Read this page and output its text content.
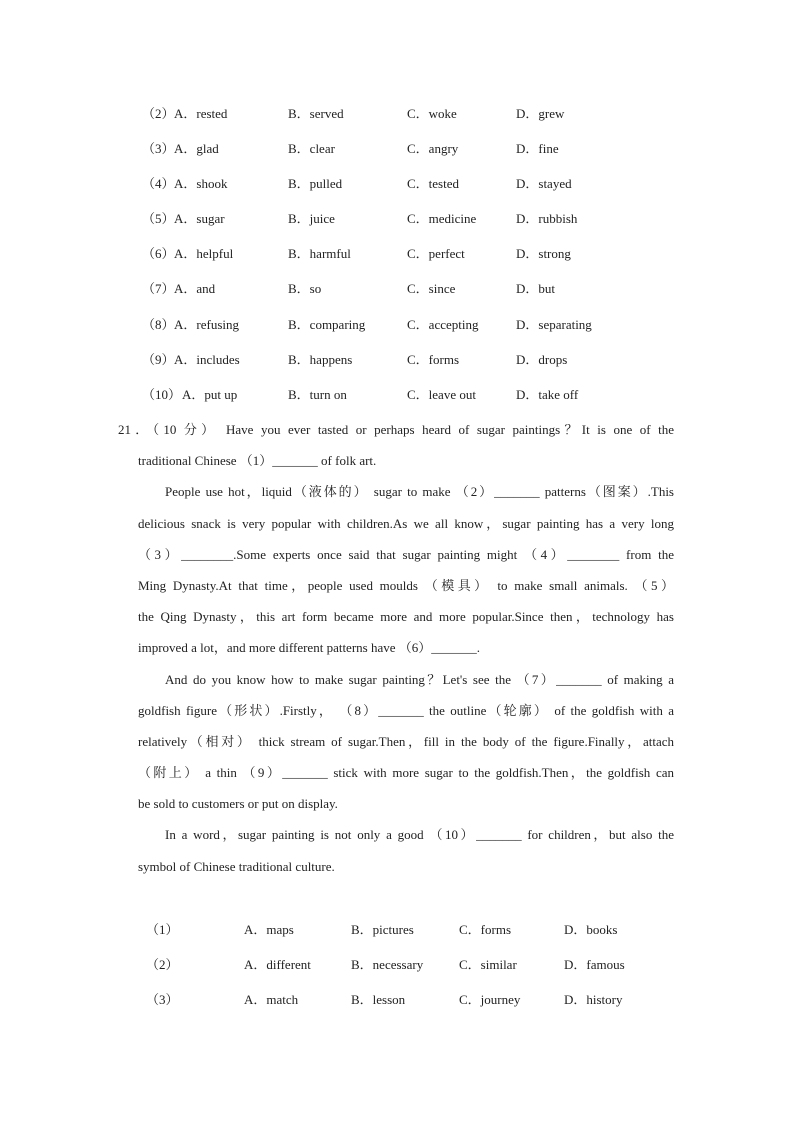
（2） A．rested	B．served	C．woke	D．grew
（3） A．glad	B．clear	C．angry	D．fine
（4） A．shook	B．pulled	C．tested	D．stayed
（5） A．sugar	B．juice	C．medicine	D．rubbish
（6） A．helpful	B．harmful	C．perfect	D．strong
（7） A．and	B．so	C．since	D．but
（8） A．refusing	B．comparing	C．accepting	D．separating
（9） A．includes	B．happens	C．forms	D．drops
（10） A．put up	B．turn on	C．leave out	D．take off
21．（10 分） Have you ever tasted or perhaps heard of sugar paintings？It is one of the
traditional Chinese （1）_______ of folk art.
People use hot，liquid（液体的） sugar to make （2）_______ patterns（图案）.This
delicious snack is very popular with children.As we all know，sugar painting has a very long
（3）________.Some experts once said that sugar painting might （4）________ from the
Ming Dynasty.At that time，people used moulds （模具） to make small animals. （5）
the Qing Dynasty，this art form became more and more popular.Since then，technology has
improved a lot，and more different patterns have （6）_______.
And do you know how to make sugar painting？Let's see the （7）_______ of making a
goldfish figure（形状）.Firstly， （8）_______ the outline（轮廓） of the goldfish with a
relatively（相对） thick stream of sugar.Then，fill in the body of the figure.Finally，attach
（附上） a thin （9）_______ stick with more sugar to the goldfish.Then，the goldfish can
be sold to customers or put on display.
In a word，sugar painting is not only a good （10）_______ for children，but also the
symbol of Chinese traditional culture.
（1）	A．maps	B．pictures	C．forms	D．books
（2）	A．different	B．necessary	C．similar	D．famous
（3）	A．match	B．lesson	C．journey	D．history
